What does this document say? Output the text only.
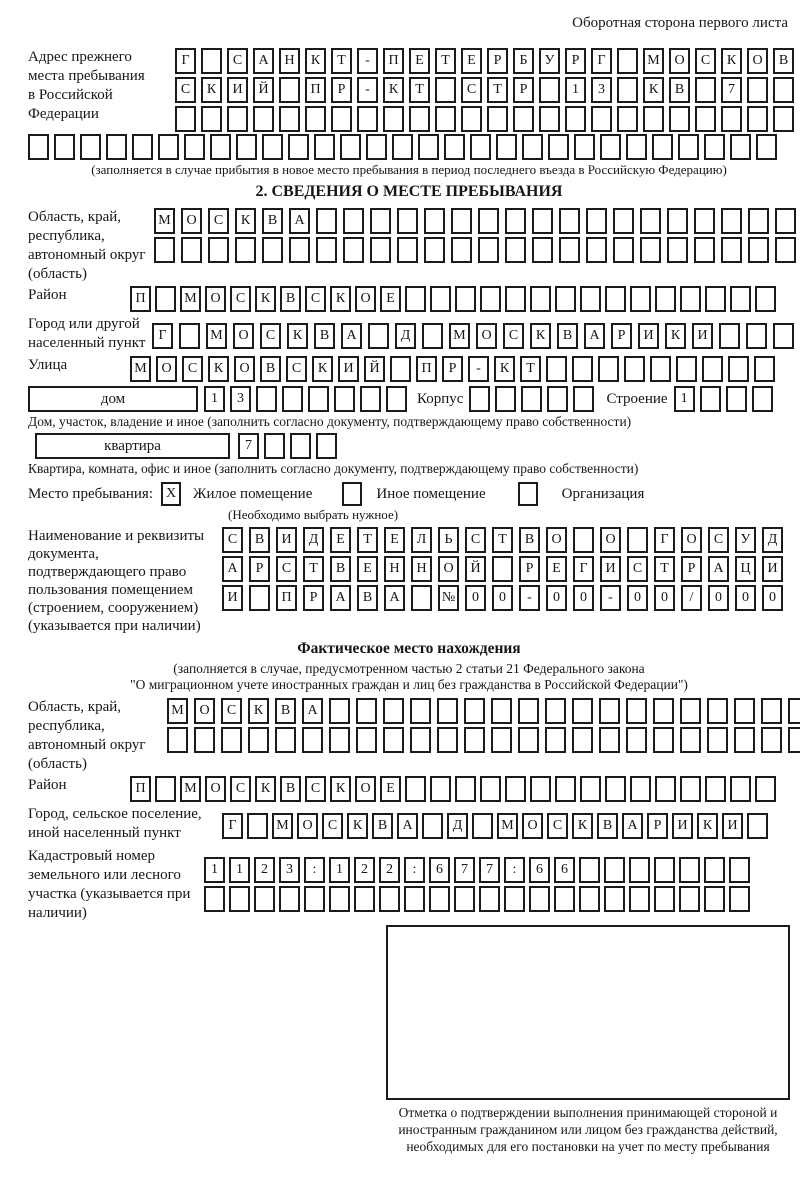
Оборотная сторона первого листа
Адрес прежнего места пребывания в Российской Федерации
Г	С	А	Н	К	Т	-	П	Е	Т	Е	Р	Б	У	Р	Г	М	О	С	К	О	В
С	К	И	Й	П	Р	-	К	Т	С	Т	Р	1	3	К	В	7
(заполняется в случае прибытия в новое место пребывания в период последнего въезда в Российскую Федерацию)
2. СВЕДЕНИЯ О МЕСТЕ ПРЕБЫВАНИЯ
Область, край, республика, автономный округ (область)
М	О	С	К	В	А
Район	П	М О	С	К	В	С	К	О	Е
Город или другой населенный пункт Г	М	О	С	К	В	А	Д	М	О	С	К	В	А	Р	И	К	И
Улица	М	О	С	К	О	В	С	К	И	Й	П	Р	-	К	Т
дом	1	3	Корпус	Строение 1
Дом, участок, владение и иное (заполнить согласно документу, подтверждающему право собственности)
квартира	7
Квартира, комната, офис и иное (заполнить согласно документу, подтверждающему право собственности)
Место пребывания: X	Жилое помещение	Иное помещение	Организация
(Необходимо выбрать нужное)
Наименование и реквизиты документа, подтверждающего право пользования помещением (строением, сооружением) (указывается при наличии)
С	В	И	Д	Е	Т	Е	Л	Ь	С	Т	В	О	О	Г	О	С	У	Д
А	Р	С	Т	В	Е	Н	Н	О	Й	Р	Е	Г	И	С	Т	Р	А	Ц	И
И	П	Р	А	В	А	№	0	0	-	0	0	-	0	0	/	0	0	0
Фактическое место нахождения
(заполняется в случае, предусмотренном частью 2 статьи 21 Федерального закона
"О миграционном учете иностранных граждан и лиц без гражданства в Российской Федерации")
Область, край, республика, автономный округ (область)
М	О	С	К	В	А
Район	П	М О	С	К	В	С	К	О	Е
Город, сельское поселение, иной населенный пункт	Г	М О	С	К	В	А	Д	М О	С	К	В	А	Р	И	К	И
Кадастровый номер земельного или лесного участка (указывается при наличии)
1	1	2	3	:	1	2	2	:	6	7	7	:	6	6
Отметка о подтверждении выполнения принимающей стороной и иностранным гражданином или лицом без гражданства действий, необходимых для его постановки на учет по месту пребывания
